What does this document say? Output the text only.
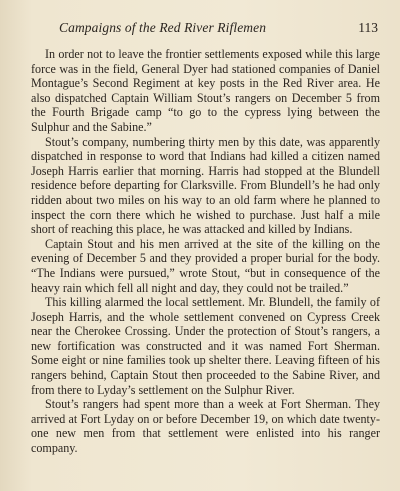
Campaigns of the Red River Riflemen	113

In order not to leave the frontier settlements exposed while this large force was in the field, General Dyer had stationed companies of Daniel Montague’s Second Regiment at key posts in the Red River area. He also dispatched Captain William Stout’s rangers on December 5 from the Fourth Brigade camp “to go to the cypress lying between the Sulphur and the Sabine.”

Stout’s company, numbering thirty men by this date, was apparently dispatched in response to word that Indians had killed a citizen named Joseph Harris earlier that morning. Harris had stopped at the Blundell residence before departing for Clarksville. From Blundell’s he had only ridden about two miles on his way to an old farm where he planned to inspect the corn there which he wished to purchase. Just half a mile short of reaching this place, he was attacked and killed by Indians.

Captain Stout and his men arrived at the site of the killing on the evening of December 5 and they provided a proper burial for the body. “The Indians were pursued,” wrote Stout, “but in consequence of the heavy rain which fell all night and day, they could not be trailed.”

This killing alarmed the local settlement. Mr. Blundell, the family of Joseph Harris, and the whole settlement convened on Cypress Creek near the Cherokee Crossing. Under the protection of Stout’s rangers, a new fortification was constructed and it was named Fort Sherman. Some eight or nine families took up shelter there. Leaving fifteen of his rangers behind, Captain Stout then proceeded to the Sabine River, and from there to Lyday’s settlement on the Sulphur River.

Stout’s rangers had spent more than a week at Fort Sherman. They arrived at Fort Lyday on or before December 19, on which date twenty-one new men from that settlement were enlisted into his ranger company.
